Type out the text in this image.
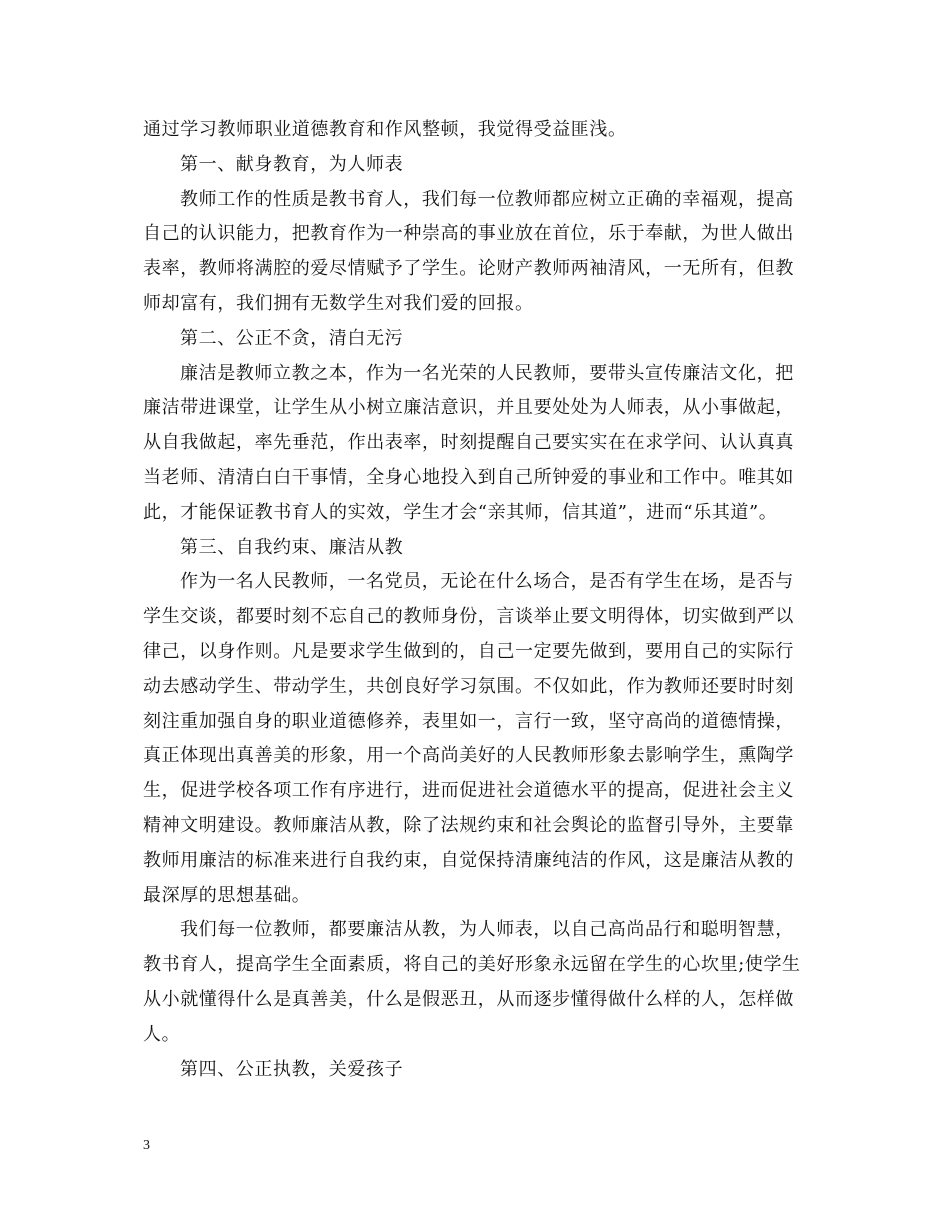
通过学习教师职业道德教育和作风整顿，我觉得受益匪浅。
第一、献身教育，为人师表
教师工作的性质是教书育人，我们每一位教师都应树立正确的幸福观，提高
自己的认识能力，把教育作为一种崇高的事业放在首位，乐于奉献，为世人做出
表率，教师将满腔的爱尽情赋予了学生。论财产教师两袖清风，一无所有，但教
师却富有，我们拥有无数学生对我们爱的回报。
第二、公正不贪，清白无污
廉洁是教师立教之本，作为一名光荣的人民教师，要带头宣传廉洁文化，把
廉洁带进课堂，让学生从小树立廉洁意识，并且要处处为人师表，从小事做起，
从自我做起，率先垂范，作出表率，时刻提醒自己要实实在在求学问、认认真真
当老师、清清白白干事情，全身心地投入到自己所钟爱的事业和工作中。唯其如
此，才能保证教书育人的实效，学生才会“亲其师，信其道”，进而“乐其道”。
第三、自我约束、廉洁从教
作为一名人民教师，一名党员，无论在什么场合，是否有学生在场，是否与
学生交谈，都要时刻不忘自己的教师身份，言谈举止要文明得体，切实做到严以
律己，以身作则。凡是要求学生做到的，自己一定要先做到，要用自己的实际行
动去感动学生、带动学生，共创良好学习氛围。不仅如此，作为教师还要时时刻
刻注重加强自身的职业道德修养，表里如一，言行一致，坚守高尚的道德情操，
真正体现出真善美的形象，用一个高尚美好的人民教师形象去影响学生，熏陶学
生，促进学校各项工作有序进行，进而促进社会道德水平的提高，促进社会主义
精神文明建设。教师廉洁从教，除了法规约束和社会舆论的监督引导外，主要靠
教师用廉洁的标准来进行自我约束，自觉保持清廉纯洁的作风，这是廉洁从教的
最深厚的思想基础。
我们每一位教师，都要廉洁从教，为人师表，以自己高尚品行和聪明智慧，
教书育人，提高学生全面素质，将自己的美好形象永远留在学生的心坎里;使学生
从小就懂得什么是真善美，什么是假恶丑，从而逐步懂得做什么样的人，怎样做
人。
第四、公正执教，关爱孩子
3
